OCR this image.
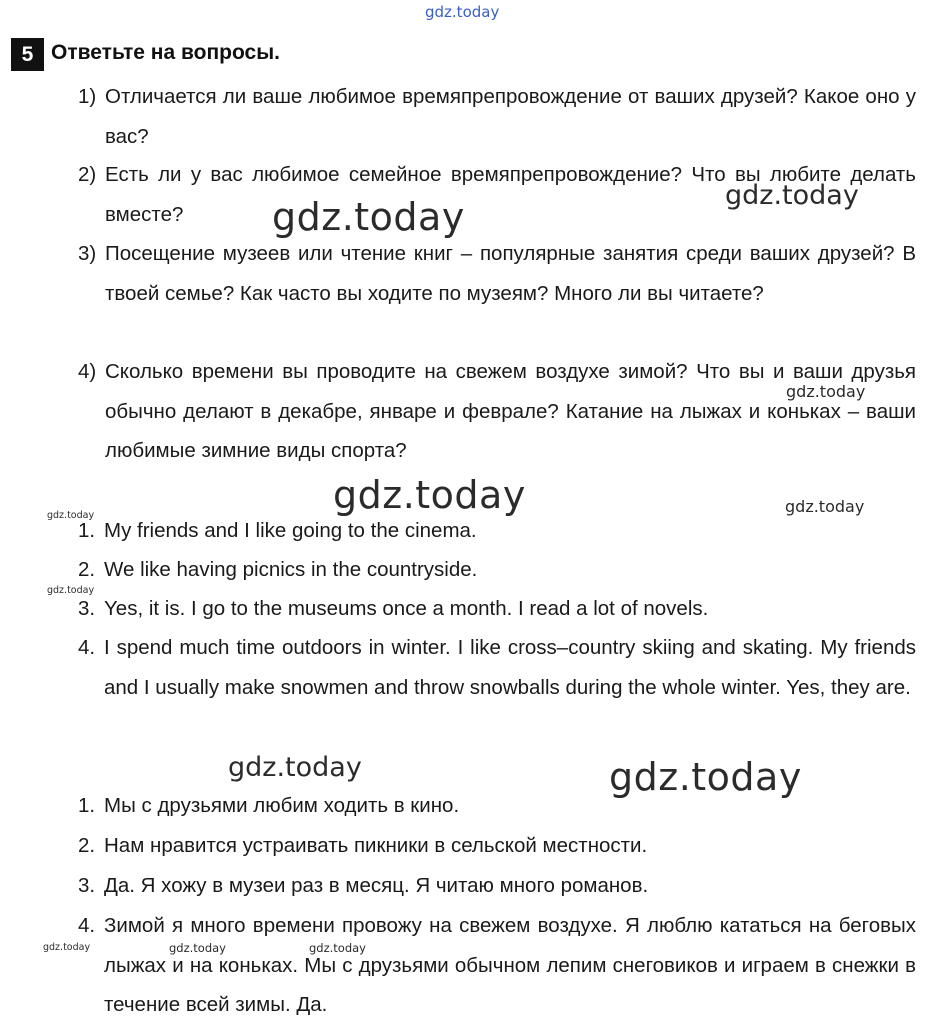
gdz.today
5 Ответьте на вопросы.
1) Отличается ли ваше любимое времяпрепровождение от ваших друзей? Какое оно у вас?
2) Есть ли у вас любимое семейное времяпрепровождение? Что вы любите делать вместе?
3) Посещение музеев или чтение книг – популярные занятия среди ваших друзей? В твоей семье? Как часто вы ходите по музеям? Много ли вы читаете?
4) Сколько времени вы проводите на свежем воздухе зимой? Что вы и ваши друзья обычно делают в декабре, январе и феврале? Катание на лыжах и коньках – ваши любимые зимние виды спорта?
1. My friends and I like going to the cinema.
2. We like having picnics in the countryside.
3. Yes, it is. I go to the museums once a month. I read a lot of novels.
4. I spend much time outdoors in winter. I like cross–country skiing and skating. My friends and I usually make snowmen and throw snowballs during the whole winter. Yes, they are.
1. Мы с друзьями любим ходить в кино.
2. Нам нравится устраивать пикники в сельской местности.
3. Да. Я хожу в музеи раз в месяц. Я читаю много романов.
4. Зимой я много времени провожу на свежем воздухе. Я люблю кататься на беговых лыжах и на коньках. Мы с друзьями обычном лепим снеговиков и играем в снежки в течение всей зимы. Да.
gdz.today	gdz.today
gdz.today
gdz.today	gdz.today
gdz.today
gdz.today
gdz.today	gdz.today
gdz.today	gdz.today	gdz.today
